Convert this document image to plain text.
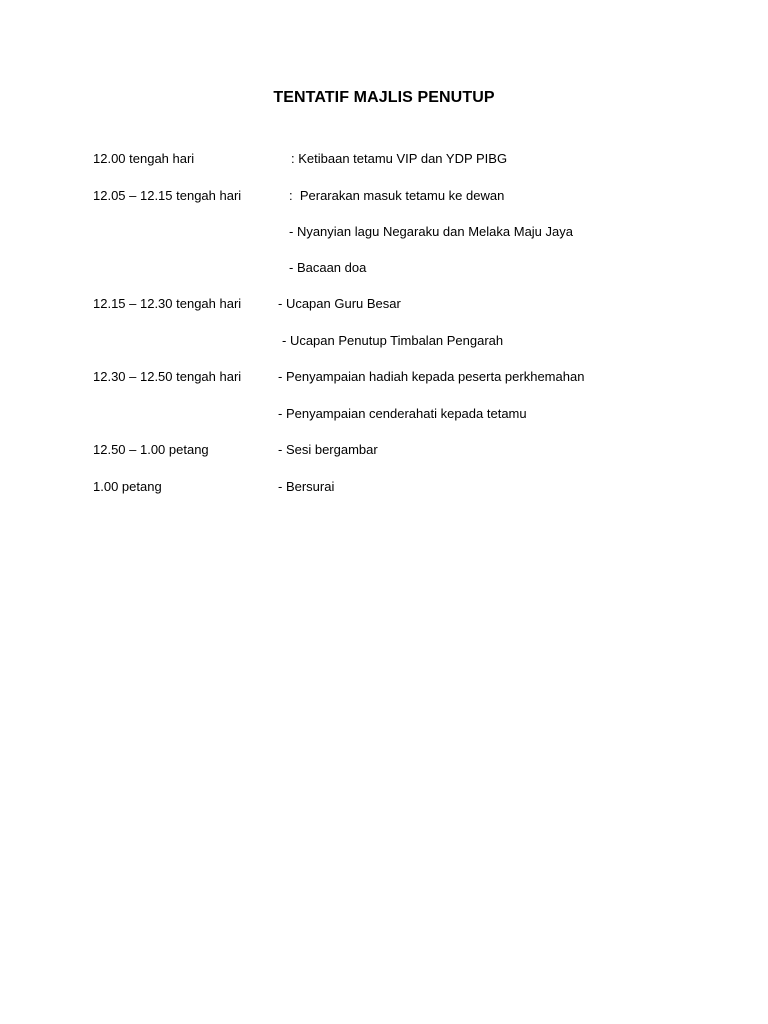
TENTATIF MAJLIS PENUTUP
12.00 tengah hari	: Ketibaan tetamu VIP dan YDP PIBG
12.05 – 12.15 tengah hari	:  Perarakan masuk tetamu ke dewan
- Nyanyian lagu Negaraku dan Melaka Maju Jaya
- Bacaan doa
12.15 – 12.30 tengah hari	- Ucapan Guru Besar
- Ucapan Penutup Timbalan Pengarah
12.30 – 12.50 tengah hari	- Penyampaian hadiah kepada peserta perkhemahan
- Penyampaian cenderahati kepada tetamu
12.50 – 1.00 petang	- Sesi bergambar
1.00 petang	- Bersurai
